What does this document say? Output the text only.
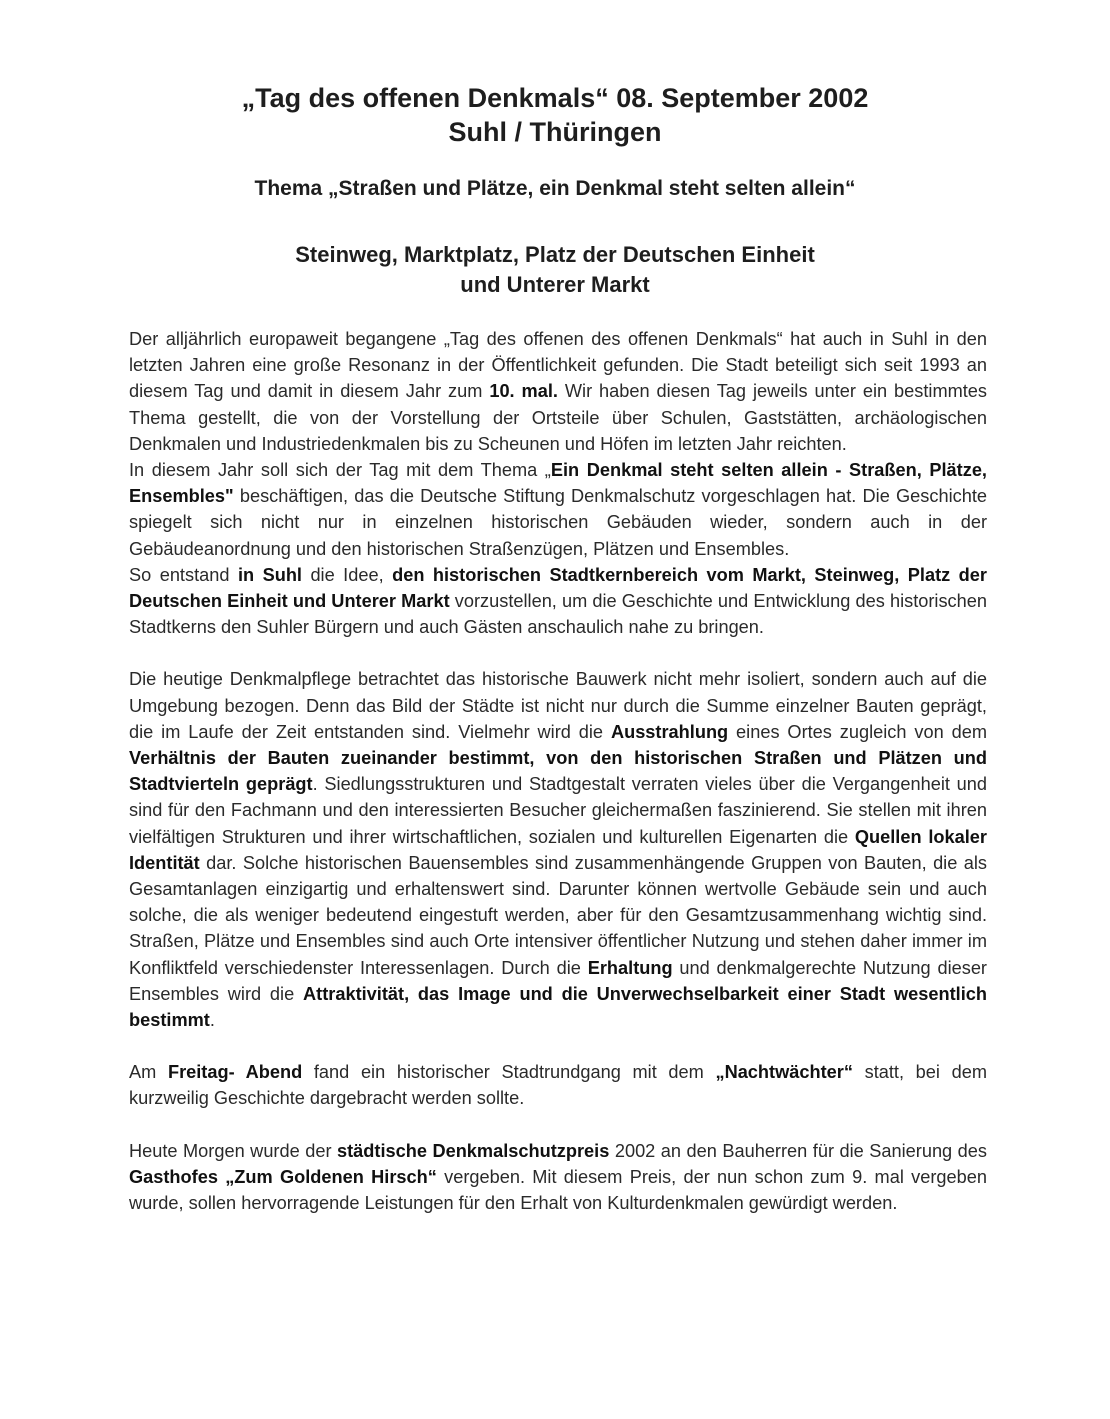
„Tag des offenen Denkmals“ 08. September 2002
Suhl / Thüringen
Thema „Straßen und Plätze, ein Denkmal steht selten allein“
Steinweg, Marktplatz, Platz der Deutschen Einheit
und Unterer Markt

Der alljährlich europaweit begangene „Tag des offenen des offenen Denkmals“ hat auch in Suhl in den letzten Jahren eine große Resonanz in der Öffentlichkeit gefunden. Die Stadt beteiligt sich seit 1993 an diesem Tag und damit in diesem Jahr zum 10. mal. Wir haben diesen Tag jeweils unter ein bestimmtes Thema gestellt, die von der Vorstellung der Ortsteile über Schulen, Gaststätten, archäologischen Denkmalen und Industriedenkmalen bis zu Scheunen und Höfen im letzten Jahr reichten.

In diesem Jahr soll sich der Tag mit dem Thema „Ein Denkmal steht selten allein - Straßen, Plätze, Ensembles" beschäftigen, das die Deutsche Stiftung Denkmalschutz vorgeschlagen hat. Die Geschichte spiegelt sich nicht nur in einzelnen historischen Gebäuden wieder, sondern auch in der Gebäudeanordnung und den historischen Straßenzügen, Plätzen und Ensembles.

So entstand in Suhl die Idee, den historischen Stadtkernbereich vom Markt, Steinweg, Platz der Deutschen Einheit und Unterer Markt vorzustellen, um die Geschichte und Entwicklung des historischen Stadtkerns den Suhler Bürgern und auch Gästen anschaulich nahe zu bringen.

Die heutige Denkmalpflege betrachtet das historische Bauwerk nicht mehr isoliert, sondern auch auf die Umgebung bezogen. Denn das Bild der Städte ist nicht nur durch die Summe einzelner Bauten geprägt, die im Laufe der Zeit entstanden sind. Vielmehr wird die Ausstrahlung eines Ortes zugleich von dem Verhältnis der Bauten zueinander bestimmt, von den historischen Straßen und Plätzen und Stadtvierteln geprägt. Siedlungsstrukturen und Stadtgestalt verraten vieles über die Vergangenheit und sind für den Fachmann und den interessierten Besucher gleichermaßen faszinierend. Sie stellen mit ihren vielfältigen Strukturen und ihrer wirtschaftlichen, sozialen und kulturellen Eigenarten die Quellen lokaler Identität dar. Solche historischen Bauensembles sind zusammenhängende Gruppen von Bauten, die als Gesamtanlagen einzigartig und erhaltenswert sind. Darunter können wertvolle Gebäude sein und auch solche, die als weniger bedeutend eingestuft werden, aber für den Gesamtzusammenhang wichtig sind. Straßen, Plätze und Ensembles sind auch Orte intensiver öffentlicher Nutzung und stehen daher immer im Konfliktfeld verschiedenster Interessenlagen. Durch die Erhaltung und denkmalgerechte Nutzung dieser Ensembles wird die Attraktivität, das Image und die Unverwechselbarkeit einer Stadt wesentlich bestimmt.

Am Freitag- Abend fand ein historischer Stadtrundgang mit dem „Nachtwächter“ statt, bei dem kurzweilig Geschichte dargebracht werden sollte.

Heute Morgen wurde der städtische Denkmalschutzpreis 2002 an den Bauherren für die Sanierung des Gasthofes „Zum Goldenen Hirsch“ vergeben. Mit diesem Preis, der nun schon zum 9. mal vergeben wurde, sollen hervorragende Leistungen für den Erhalt von Kulturdenkmalen gewürdigt werden.
